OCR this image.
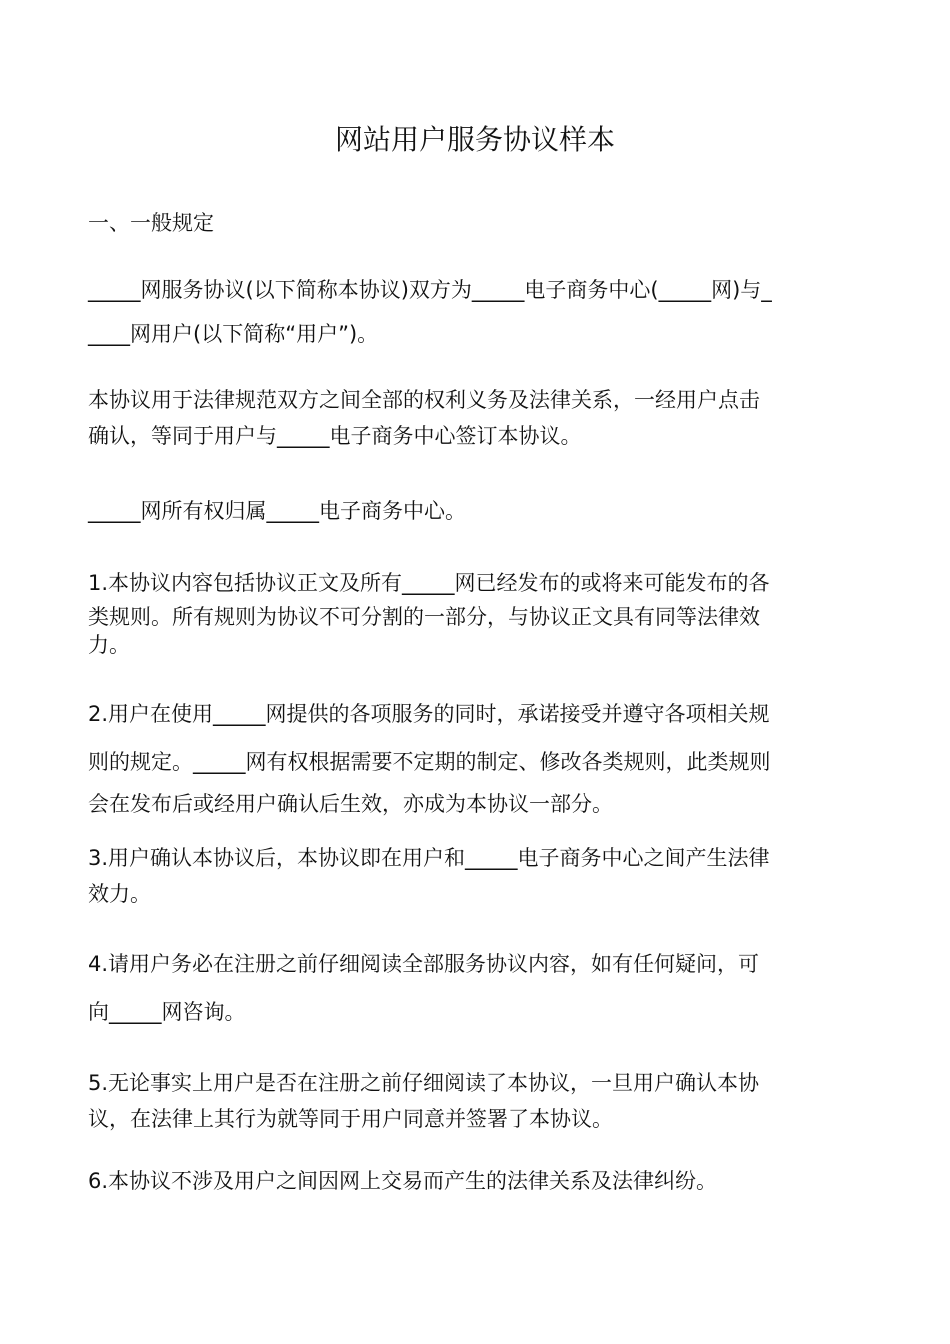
网站用户服务协议样本
一、一般规定
_____网服务协议(以下简称本协议)双方为_____电子商务中心(_____网)与_
____网用户(以下简称“用户”)。
本协议用于法律规范双方之间全部的权利义务及法律关系，一经用户点击
确认，等同于用户与_____电子商务中心签订本协议。
_____网所有权归属_____电子商务中心。
1.本协议内容包括协议正文及所有_____网已经发布的或将来可能发布的各
类规则。所有规则为协议不可分割的一部分，与协议正文具有同等法律效
力。
2.用户在使用_____网提供的各项服务的同时，承诺接受并遵守各项相关规
则的规定。_____网有权根据需要不定期的制定、修改各类规则，此类规则
会在发布后或经用户确认后生效，亦成为本协议一部分。
3.用户确认本协议后，本协议即在用户和_____电子商务中心之间产生法律
效力。
4.请用户务必在注册之前仔细阅读全部服务协议内容，如有任何疑问，可
向_____网咨询。
5.无论事实上用户是否在注册之前仔细阅读了本协议，一旦用户确认本协
议，在法律上其行为就等同于用户同意并签署了本协议。
6.本协议不涉及用户之间因网上交易而产生的法律关系及法律纠纷。
